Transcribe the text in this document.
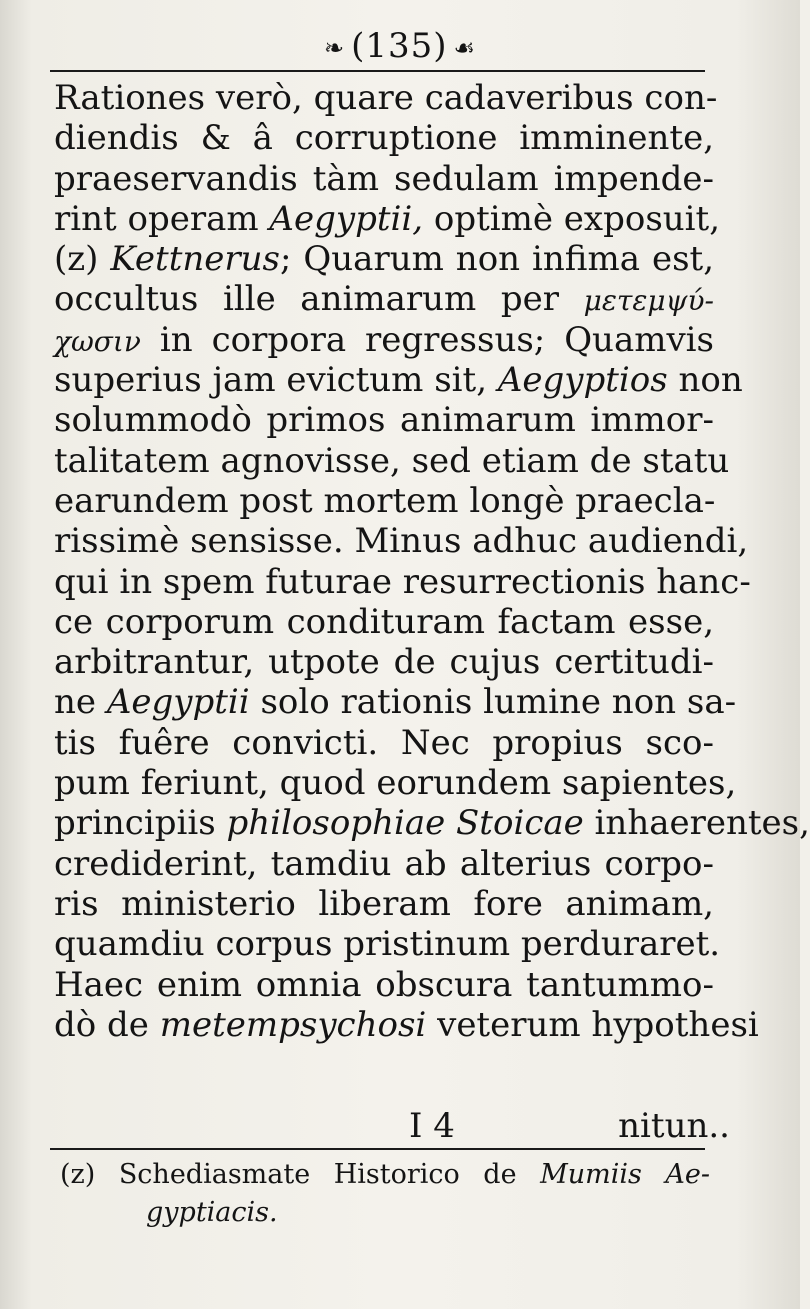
❧ (135) ☙
Rationes verò, quare cadaveribus con-
diendis & â corruptione imminente,
praeservandis tàm sedulam impende-
rint operam Aegyptii, optimè exposuit,
(z) Kettnerus; Quarum non infima est,
occultus ille animarum per μετεμψύ-
χωσιν in corpora regressus; Quamvis
superius jam evictum sit, Aegyptios non
solummodò primos animarum immor-
talitatem agnovisse, sed etiam de statu
earundem post mortem longè praecla-
rissimè sensisse. Minus adhuc audiendi,
qui in spem futurae resurrectionis hanc-
ce corporum condituram factam esse,
arbitrantur, utpote de cujus certitudi-
ne Aegyptii solo rationis lumine non sa-
tis fuêre convicti. Nec propius sco-
pum feriunt, quod eorundem sapientes,
principiis philosophiae Stoicae inhaerentes,
crediderint, tamdiu ab alterius corpo-
ris ministerio liberam fore animam,
quamdiu corpus pristinum perduraret.
Haec enim omnia obscura tantummo-
dò de metempsychosi veterum hypothesi
I 4	nitun..
(z) Schediasmate Historico de Mumiis Ae-
gyptiacis.
